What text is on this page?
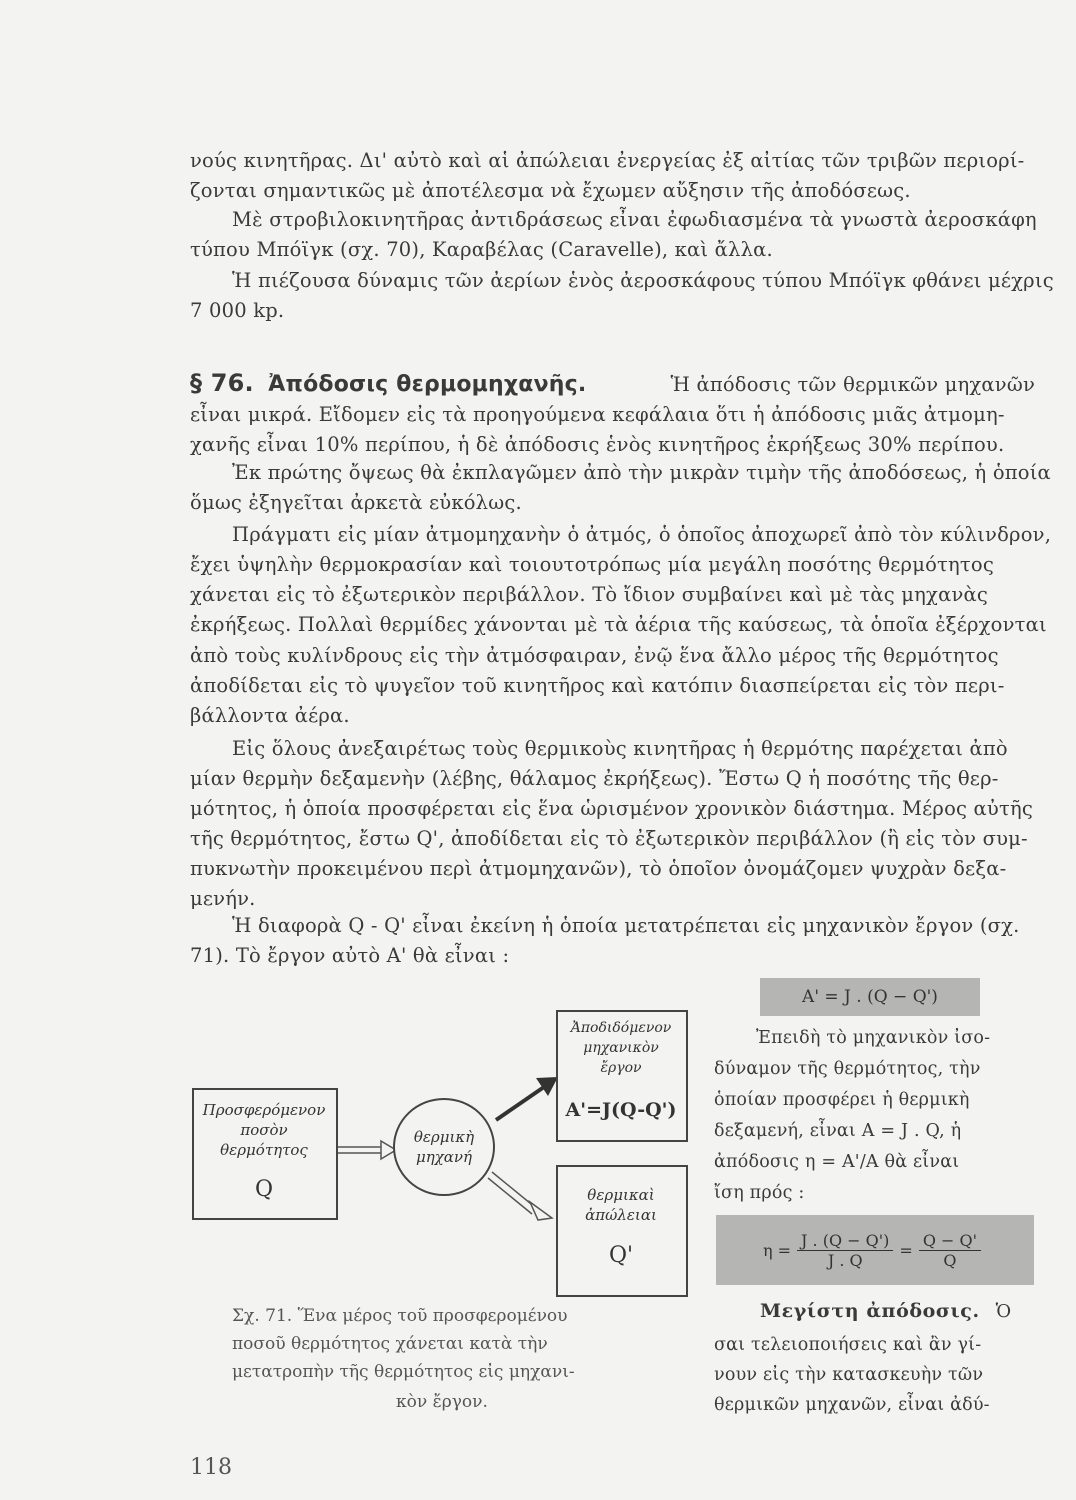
νούς κινητῆρας. Δι' αὐτὸ καὶ αἱ ἀπώλειαι ἐνεργείας ἐξ αἰτίας τῶν τριβῶν περιορί-
ζονται σημαντικῶς μὲ ἀποτέλεσμα νὰ ἔχωμεν αὔξησιν τῆς ἀποδόσεως.
Μὲ στροβιλοκινητῆρας ἀντιδράσεως εἶναι ἐφωδιασμένα τὰ γνωστὰ ἀεροσκάφη
τύπου Μπόϊγκ (σχ. 70), Καραβέλας (Caravelle), καὶ ἄλλα.
Ἡ πιέζουσα δύναμις τῶν ἀερίων ἑνὸς ἀεροσκάφους τύπου Μπόϊγκ φθάνει μέχρις
7 000 kp.
§ 76. Ἀπόδοσις θερμομηχανῆς.	Ἡ ἀπόδοσις τῶν θερμικῶν μηχανῶν
εἶναι μικρά. Εἴδομεν εἰς τὰ προηγούμενα κεφάλαια ὅτι ἡ ἀπόδοσις μιᾶς ἀτμομη-
χανῆς εἶναι 10% περίπου, ἡ δὲ ἀπόδοσις ἑνὸς κινητῆρος ἐκρήξεως 30% περίπου.
Ἐκ πρώτης ὄψεως θὰ ἐκπλαγῶμεν ἀπὸ τὴν μικρὰν τιμὴν τῆς ἀποδόσεως, ἡ ὁποία
ὅμως ἐξηγεῖται ἀρκετὰ εὐκόλως.
Πράγματι εἰς μίαν ἀτμομηχανὴν ὁ ἀτμός, ὁ ὁποῖος ἀποχωρεῖ ἀπὸ τὸν κύλινδρον,
ἔχει ὑψηλὴν θερμοκρασίαν καὶ τοιουτοτρόπως μία μεγάλη ποσότης θερμότητος
χάνεται εἰς τὸ ἐξωτερικὸν περιβάλλον. Τὸ ἴδιον συμβαίνει καὶ μὲ τὰς μηχανὰς
ἐκρήξεως. Πολλαὶ θερμίδες χάνονται μὲ τὰ ἀέρια τῆς καύσεως, τὰ ὁποῖα ἐξέρχονται
ἀπὸ τοὺς κυλίνδρους εἰς τὴν ἀτμόσφαιραν, ἐνῷ ἕνα ἄλλο μέρος τῆς θερμότητος
ἀποδίδεται εἰς τὸ ψυγεῖον τοῦ κινητῆρος καὶ κατόπιν διασπείρεται εἰς τὸν περι-
βάλλοντα ἀέρα.
Εἰς ὅλους ἀνεξαιρέτως τοὺς θερμικοὺς κινητῆρας ἡ θερμότης παρέχεται ἀπὸ
μίαν θερμὴν δεξαμενὴν (λέβης, θάλαμος ἐκρήξεως). Ἔστω Q ἡ ποσότης τῆς θερ-
μότητος, ἡ ὁποία προσφέρεται εἰς ἕνα ὡρισμένον χρονικὸν διάστημα. Μέρος αὐτῆς
τῆς θερμότητος, ἔστω Q', ἀποδίδεται εἰς τὸ ἐξωτερικὸν περιβάλλον (ἢ εἰς τὸν συμ-
πυκνωτὴν προκειμένου περὶ ἀτμομηχανῶν), τὸ ὁποῖον ὀνομάζομεν ψυχρὰν δεξα-
μενήν.
Ἡ διαφορὰ Q - Q' εἶναι ἐκείνη ἡ ὁποία μετατρέπεται εἰς μηχανικὸν ἔργον (σχ.
71). Τὸ ἔργον αὐτὸ A' θὰ εἶναι :
A' = J . (Q − Q')
Ἐπειδὴ τὸ μηχανικὸν ἰσο-
δύναμον τῆς θερμότητος, τὴν
ὁποίαν προσφέρει ἡ θερμικὴ
δεξαμενή, εἶναι A = J . Q, ἡ
ἀπόδοσις η = A'/A θὰ εἶναι
ἴση πρός :
$\eta = \frac{J . (Q - Q')}{J . Q} = \frac{Q - Q'}{Q}$
Μεγίστη ἀπόδοσις. Ὁ
σαι τελειοποιήσεις καὶ ἂν γί-
νουν εἰς τὴν κατασκευὴν τῶν
θερμικῶν μηχανῶν, εἶναι ἀδύ-
Προσφερόμενον
ποσὸν
θερμότητος
Q
θερμικὴ
μηχανή
Ἀποδιδόμενον
μηχανικὸν
ἔργον
A'=J(Q-Q')
θερμικαὶ
ἀπώλειαι
Q'
Σχ. 71. Ἕνα μέρος τοῦ προσφερομένου
ποσοῦ θερμότητος χάνεται κατὰ τὴν
μετατροπὴν τῆς θερμότητος εἰς μηχανι-
κὸν ἔργον.
118
